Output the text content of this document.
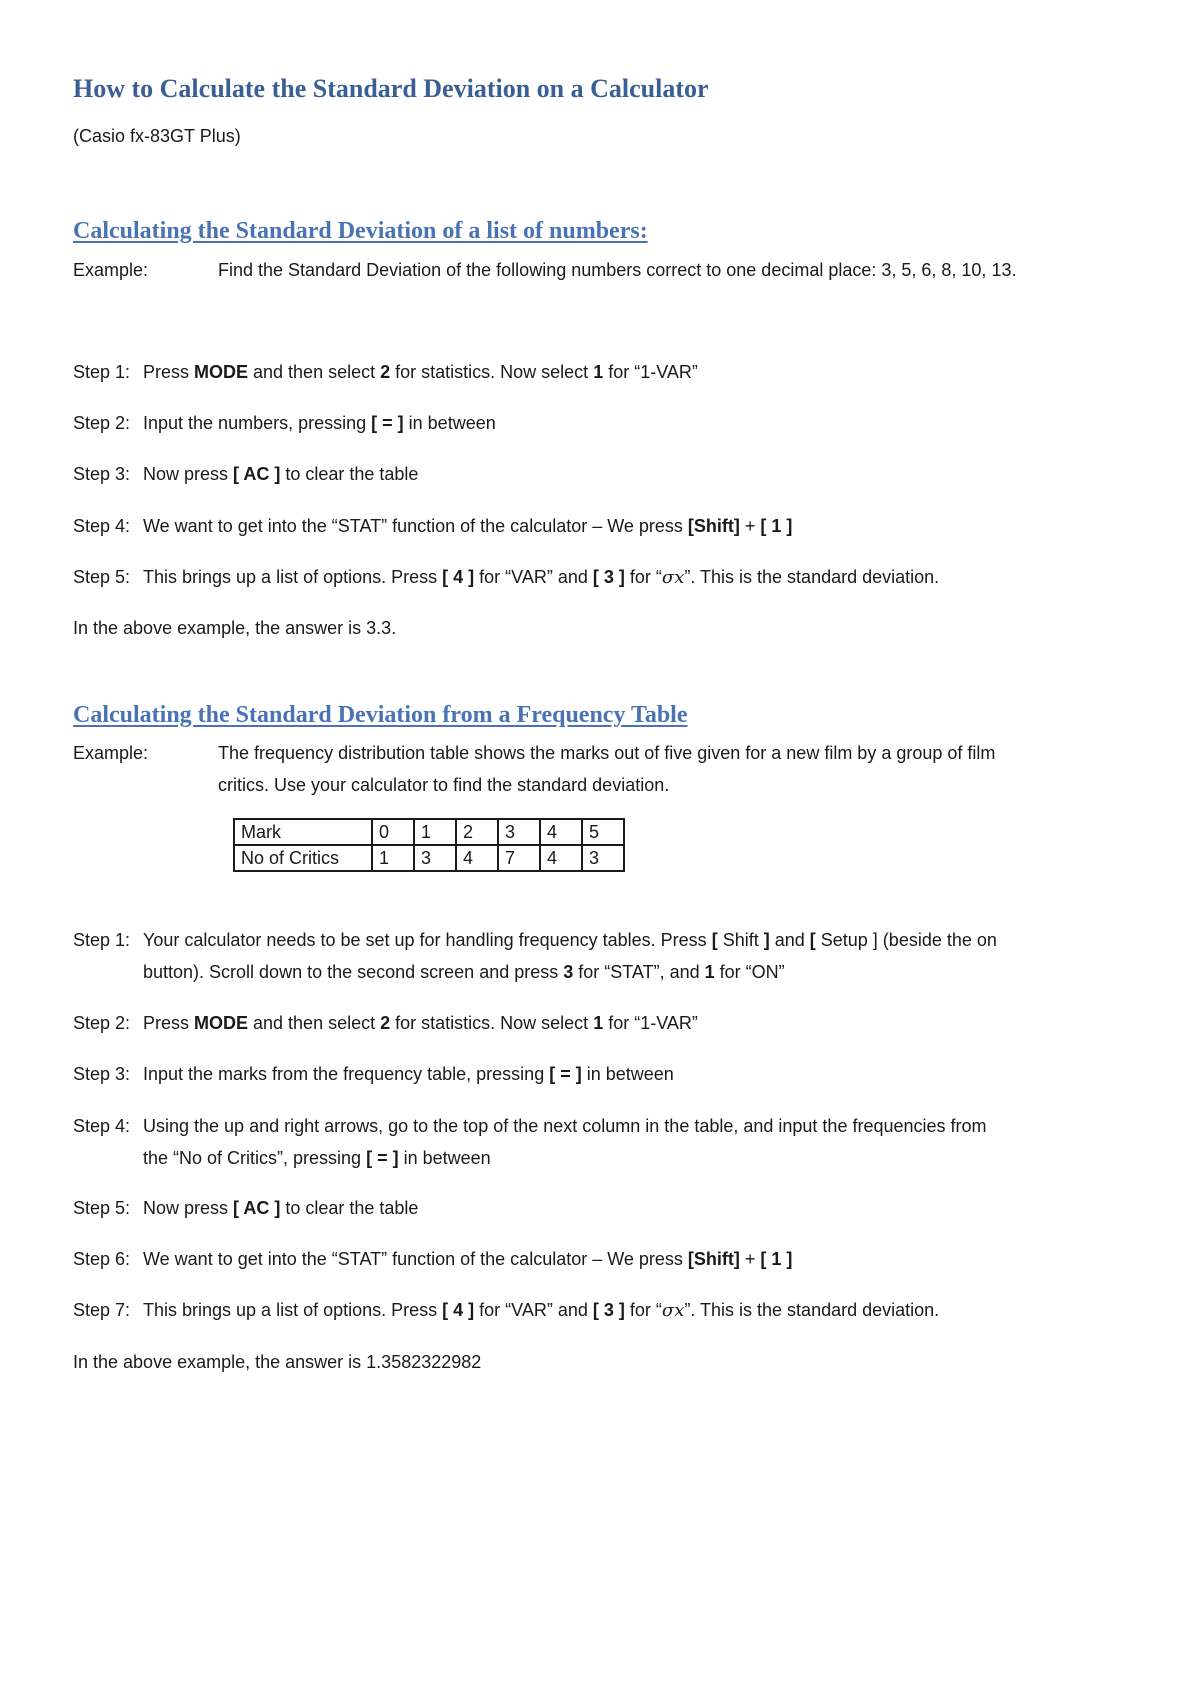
How to Calculate the Standard Deviation on a Calculator
(Casio fx-83GT Plus)
Calculating the Standard Deviation of a list of numbers:
Example:	Find the Standard Deviation of the following numbers correct to one decimal place: 3, 5, 6, 8, 10, 13.
Step 1: Press MODE and then select 2 for statistics. Now select 1 for “1-VAR”
Step 2: Input the numbers, pressing [ = ] in between
Step 3: Now press [ AC ] to clear the table
Step 4: We want to get into the “STAT” function of the calculator – We press [Shift] + [ 1 ]
Step 5: This brings up a list of options. Press [ 4 ] for “VAR” and [ 3 ] for “σx”. This is the standard deviation.
In the above example, the answer is 3.3.
Calculating the Standard Deviation from a Frequency Table
Example:	The frequency distribution table shows the marks out of five given for a new film by a group of film
critics. Use your calculator to find the standard deviation.
Mark	0	1	2	3	4	5
No of Critics	1	3	4	7	4	3
Step 1: Your calculator needs to be set up for handling frequency tables. Press [ Shift ] and [ Setup ] (beside the on
button). Scroll down to the second screen and press 3 for “STAT”, and 1 for “ON”
Step 2: Press MODE and then select 2 for statistics. Now select 1 for “1-VAR”
Step 3: Input the marks from the frequency table, pressing [ = ] in between
Step 4: Using the up and right arrows, go to the top of the next column in the table, and input the frequencies from
the “No of Critics”, pressing [ = ] in between
Step 5: Now press [ AC ] to clear the table
Step 6: We want to get into the “STAT” function of the calculator – We press [Shift] + [ 1 ]
Step 7: This brings up a list of options. Press [ 4 ] for “VAR” and [ 3 ] for “σx”. This is the standard deviation.
In the above example, the answer is 1.3582322982
